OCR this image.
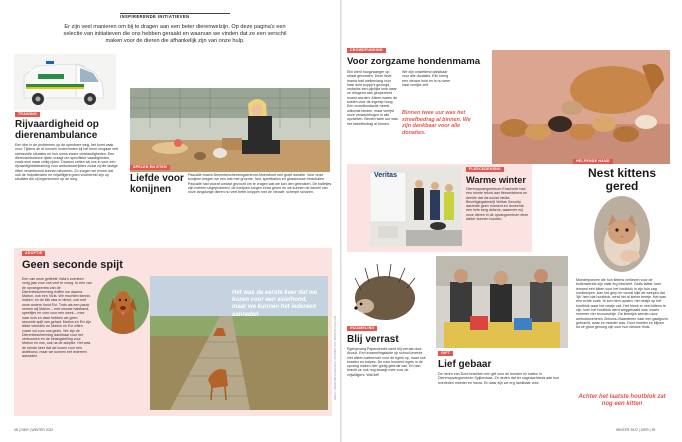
INSPIRERENDE INITIATIEVEN
Er zijn veel manieren om bij te dragen aan een beter dierenwelzijn. Op deze pagina's een selectie van initiatieven die ons hebben geraakt en waarvan we vinden dat ze een verschil maken voor de dieren die afhankelijk zijn van onze hulp.
TRAINING
TRAINING
Rijvaardigheid op dierenambulance
Een dier in de problemen op de openbare weg, het komt vaak voor. Tijdens de rit kunnen ondervinden bij het leren omgaan met stressvolle situaties en hun soms zware omstandigheden. Een dierenambulance rijden vraagt om specifieke vaardigheden, zoals snel maar veilig rijden. Daarom zetten wij ons in voor een rijvaardigheidstraining voor ambulancerijders zodat zij die lastige ritten verantwoord kunnen uitvoeren. Zo zorgen we ervoor dat ook de hulpdiensten en vrijwilligers goed voorbereid zijn op situaties die zij tegenkomen op de weg.
SPELEN EN ETEN
Liefde voor konijnen
Pascalle bracht Dierenbeschermingcentrum Amersfoort een grote donatie. Voor onze konijnen kregen we een lost met groente, fruit, speelballen en glossinosse trinschalen. Pascalle had vooraf contact gezocht om te vragen wat we kon den gebruiken. De balletjes zijn meteen uitgeprobeerd, de konijnen kregen extra groen en we kunnen de kachel van onze langdurige dieren nu veel beter knippen met de nieuwe, scherpe scharen.
ADOPTIE
Geen seconde spijt
Een van onze geliefde Vizla's overleed vorig jaar voor ons veel te vroeg. In een van de opvangcentra van de Dierenbescherming troffen we daarna Marlon, ook een Vizla. We mochten kennis maken, en de klik was er direct, ook met onze andere hond Evi. Trots als een pauw nemen wij Marlon – met nieuwe halsband, speeltjes en voer voor een week – mee naar huis en daar hebben we geen seconde spijt van gehad. Marlon en Evi zijn dikke vrienden en Marlon en Evi zitten zowel vol voor ons gezin. We zijn de Dierenbescherming dankbaar voor het vertrouwen en de belangstelling voor Marlon en ons, ook na de adoptie. Het was de eerste keer dat we kozen voor een asielhond, maar we kunnen het iedereen aanraden.
Het was de eerste keer dat we kozen voor een asielhond, maar we kunnen het iedereen aanraden
BEELD: DIERENBESCHERMING; ADOBESTOCK; WWW.ISTOCK.COM
38 | DIER | WINTER 2022
CROWDFUNDING
Voor zorgzame hondenmama
Elin werd hoogzwanger op straat gevonden. Deze lieve mama had welkenlang voor haar acht puppy's gezorgd, ondanks een pijnlijke knie waar ze dringend aan geopereerd moest worden. Alleen waren de kosten voor de ingreep hoog. Een crowdfundactie moest uitkomst bieden, maar verrijst onze verwachtingen in alle opzichten. Binnen twee uur was het streefbedrag al binnen.
We zijn ontzettend dankbaar voor alle donaties. Elin kreeg een nieuwe knie en is nu weer haar vrolijke zelf.
Binnen twee uur was het streefbedrag al binnen. We zijn dankbaar voor alle donaties.
FLEECEDEKENS
Veritas	Warme winter
Dierenopvangcentrum Enschede had een ruimte tekort aan fleecedekens en deelde dat via social media. Beveiligingsbedrijf Veritas Security aarzelde geen moment en doneerde een hele berg dekens, waarmee wij onze dieren in de opvangcentrum deze winter kunnen houden.
HELPENDE HAND
Nest kittens gered
Moederpoezen die hun kittens verliezen voor de buitenwereld zijn vaak erg intensief. Zoals laatst, toen iemand een kitten voor het houtblok in zijn tuin zag rondkruipen. Aan het gerp en vooral kijkt de wespen dat 'lijk' hem dat houtblok, werd het al kleine beetje. Het was een echte zoek: 'Ik kon hem opaten, het nestje op het houtblok waar het nestje zat'. Het bleek er veel kittens te zijn, toen het houtblok werd weggehaald was, kwam nummer vier tevoorschijn. De kleintjes werden door ambulancerteren Zeeuws-Vlaanderen naar een gastgezin gebracht, waar ze moeder was. Door moeten ze blijven tot ze groot genoeg zijn voor hun nieuwe thuis.
Achter het laatste houtblok zat nog een kitten
INZAMELING
Blij verrast
Egelopvang Papendrecht werd blij verrast door Anouk. Een inzamelingsactie op school leverde niet alleen kattenvoer voor de egels op, maar ook knarten en balpes. De ruim honderd egels in de opvang maken hier gretig gebruik van. En dan bracht ze ook nog kwasje mee voor de vrijwilligers. Wat lief!
GIFT
Lief gebaar
De heren van Dord brachten een gift voor de honden en katten in Dierenopvangcentrum Spijkenisse. Ze deden dat ter nagedachtenis aan hun overleden moeder en inzow. En daar zijn we erg dankbaar voor.
WINTER 2022 | DIER | 39
